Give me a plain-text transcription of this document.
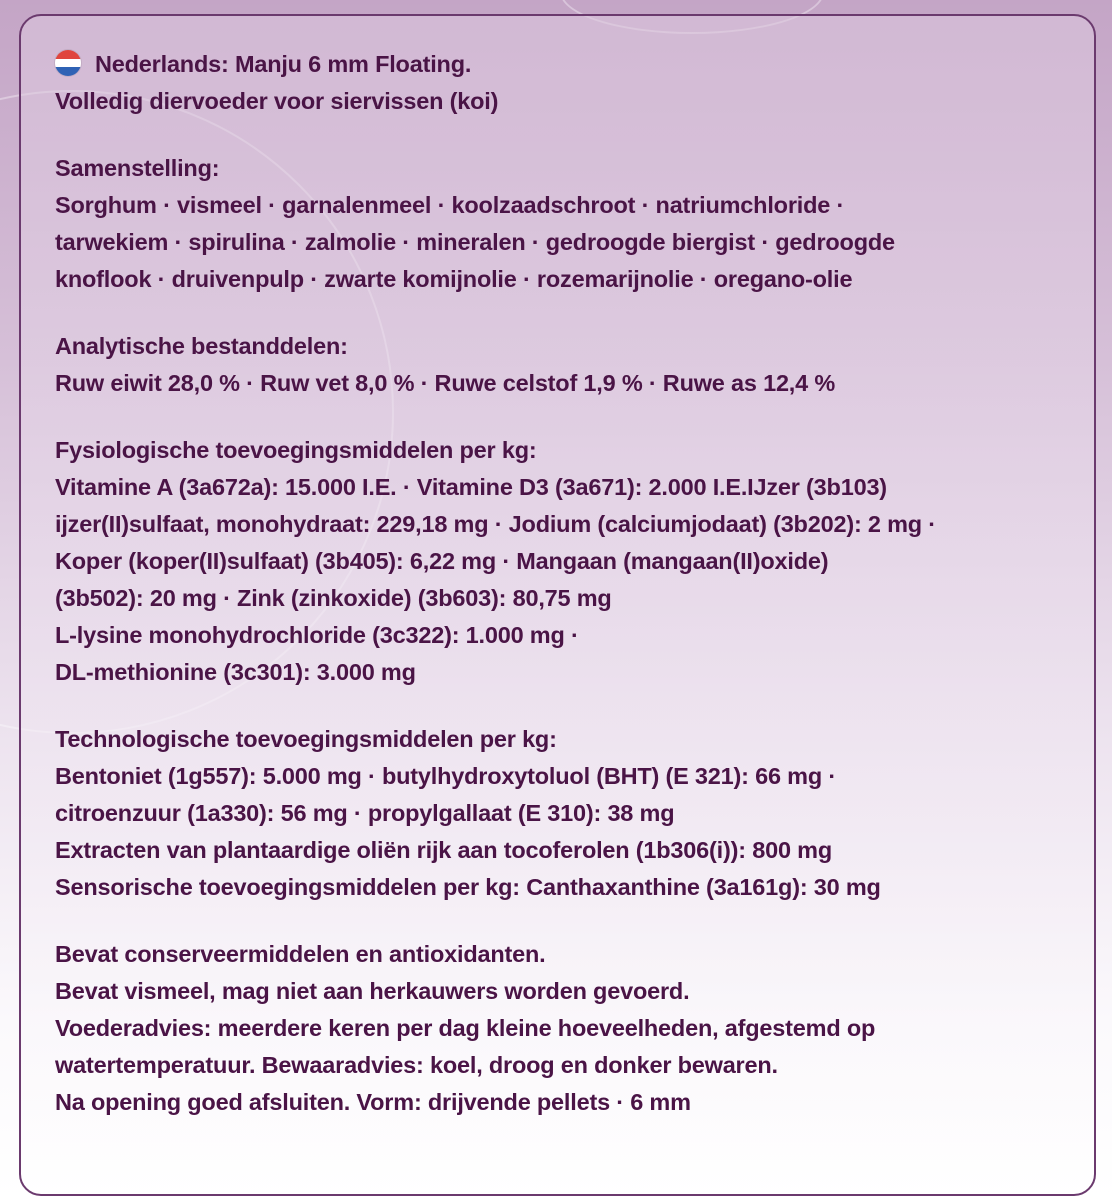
Nederlands: Manju 6 mm Floating.
Volledig diervoeder voor siervissen (koi)
Samenstelling:
Sorghum · vismeel · garnalenmeel · koolzaadschroot · natriumchloride ·
tarwekiem · spirulina · zalmolie · mineralen · gedroogde biergist · gedroogde
knoflook · druivenpulp · zwarte komijnolie · rozemarijnolie · oregano-olie
Analytische bestanddelen:
Ruw eiwit 28,0 % · Ruw vet 8,0 % · Ruwe celstof 1,9 % · Ruwe as 12,4 %
Fysiologische toevoegingsmiddelen per kg:
Vitamine A (3a672a): 15.000 I.E. · Vitamine D3 (3a671): 2.000 I.E.IJzer (3b103)
ijzer(II)sulfaat, monohydraat: 229,18 mg · Jodium (calciumjodaat) (3b202): 2 mg ·
Koper (koper(II)sulfaat) (3b405): 6,22 mg · Mangaan (mangaan(II)oxide)
(3b502): 20 mg · Zink (zinkoxide) (3b603): 80,75 mg
L-lysine monohydrochloride (3c322): 1.000 mg ·
DL-methionine (3c301): 3.000 mg
Technologische toevoegingsmiddelen per kg:
Bentoniet (1g557): 5.000 mg · butylhydroxytoluol (BHT) (E 321): 66 mg ·
citroenzuur (1a330): 56 mg · propylgallaat (E 310): 38 mg
Extracten van plantaardige oliën rijk aan tocoferolen (1b306(i)): 800 mg
Sensorische toevoegingsmiddelen per kg: Canthaxanthine (3a161g): 30 mg
Bevat conserveermiddelen en antioxidanten.
Bevat vismeel, mag niet aan herkauwers worden gevoerd.
Voederadvies: meerdere keren per dag kleine hoeveelheden, afgestemd op
watertemperatuur. Bewaaradvies: koel, droog en donker bewaren.
Na opening goed afsluiten. Vorm: drijvende pellets · 6 mm
